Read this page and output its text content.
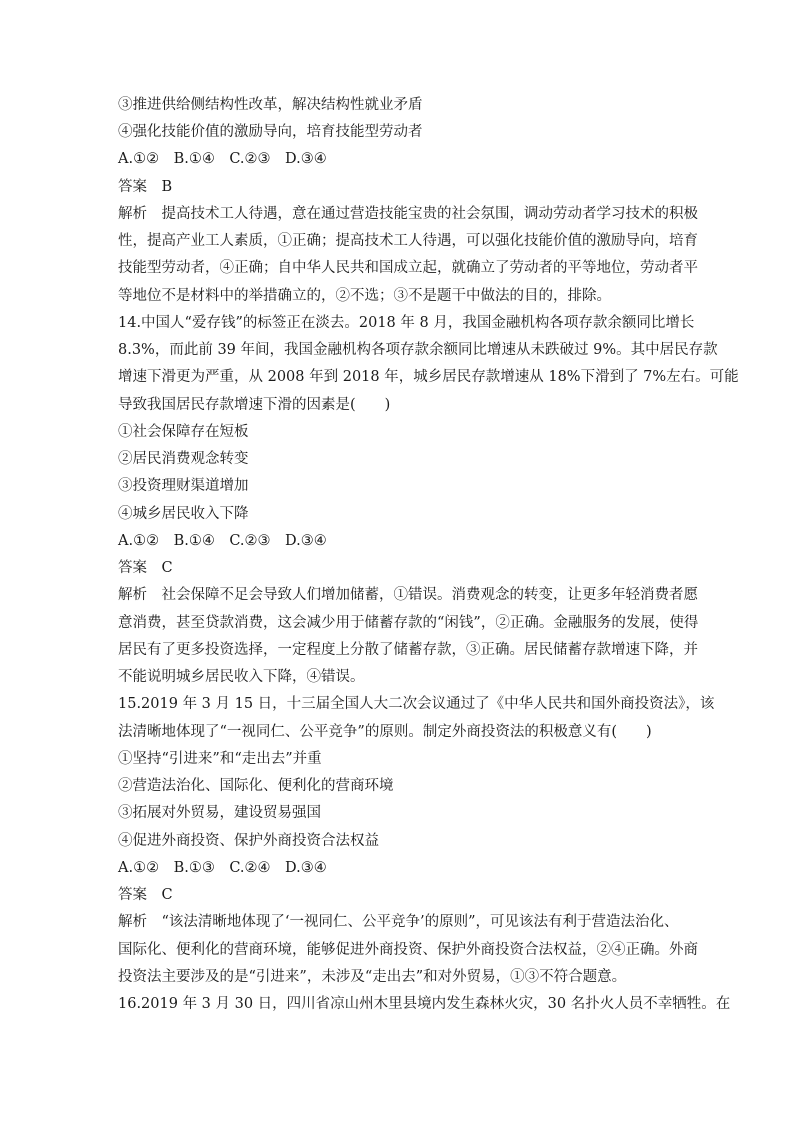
③推进供给侧结构性改革，解决结构性就业矛盾
④强化技能价值的激励导向，培育技能型劳动者
A.①②　B.①④　C.②③　D.③④
答案　B
解析　提高技术工人待遇，意在通过营造技能宝贵的社会氛围，调动劳动者学习技术的积极
性，提高产业工人素质，①正确；提高技术工人待遇，可以强化技能价值的激励导向，培育
技能型劳动者，④正确；自中华人民共和国成立起，就确立了劳动者的平等地位，劳动者平
等地位不是材料中的举措确立的，②不选；③不是题干中做法的目的，排除。
14.中国人“爱存钱”的标签正在淡去。2018 年 8 月，我国金融机构各项存款余额同比增长
8.3%，而此前 39 年间，我国金融机构各项存款余额同比增速从未跌破过 9%。其中居民存款
增速下滑更为严重，从 2008 年到 2018 年，城乡居民存款增速从 18%下滑到了 7%左右。可能
导致我国居民存款增速下滑的因素是(　　)
①社会保障存在短板
②居民消费观念转变
③投资理财渠道增加
④城乡居民收入下降
A.①②　B.①④　C.②③　D.③④
答案　C
解析　社会保障不足会导致人们增加储蓄，①错误。消费观念的转变，让更多年轻消费者愿
意消费，甚至贷款消费，这会减少用于储蓄存款的“闲钱”，②正确。金融服务的发展，使得
居民有了更多投资选择，一定程度上分散了储蓄存款，③正确。居民储蓄存款增速下降，并
不能说明城乡居民收入下降，④错误。
15.2019 年 3 月 15 日，十三届全国人大二次会议通过了《中华人民共和国外商投资法》，该
法清晰地体现了“一视同仁、公平竞争”的原则。制定外商投资法的积极意义有(　　)
①坚持“引进来”和“走出去”并重
②营造法治化、国际化、便利化的营商环境
③拓展对外贸易，建设贸易强国
④促进外商投资、保护外商投资合法权益
A.①②　B.①③　C.②④　D.③④
答案　C
解析　“该法清晰地体现了‘一视同仁、公平竞争’的原则”，可见该法有利于营造法治化、
国际化、便利化的营商环境，能够促进外商投资、保护外商投资合法权益，②④正确。外商
投资法主要涉及的是“引进来”，未涉及“走出去”和对外贸易，①③不符合题意。
16.2019 年 3 月 30 日，四川省凉山州木里县境内发生森林火灾，30 名扑火人员不幸牺牲。在
